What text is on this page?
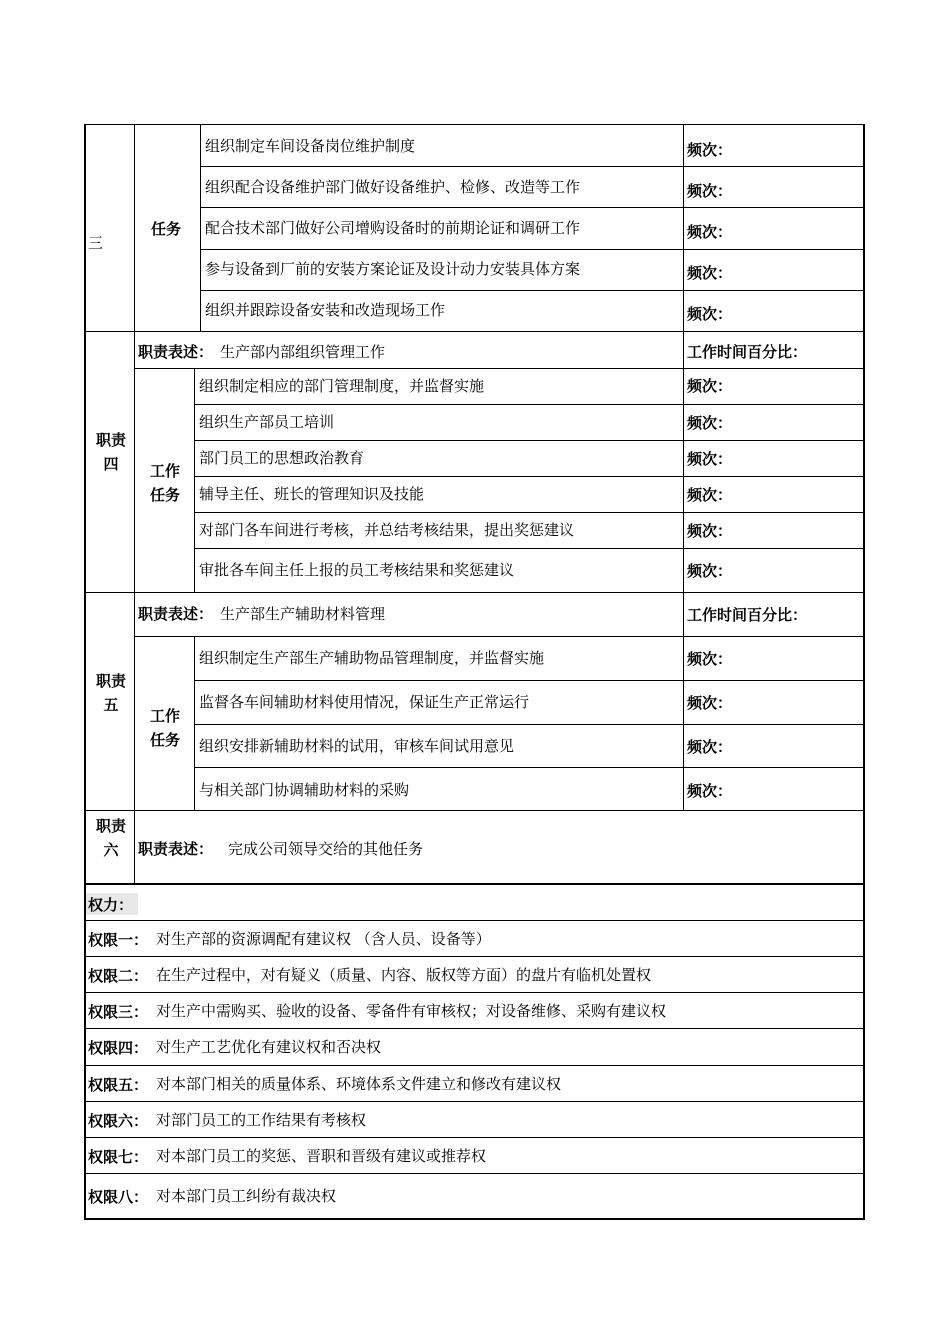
三
任务
组织制定车间设备岗位维护制度	频次：
组织配合设备维护部门做好设备维护、检修、改造等工作	频次：
配合技术部门做好公司增购设备时的前期论证和调研工作	频次：
参与设备到厂前的安装方案论证及设计动力安装具体方案	频次：
组织并跟踪设备安装和改造现场工作	频次：
职责四
职责表述： 生产部内部组织管理工作	工作时间百分比：
工作任务
组织制定相应的部门管理制度，并监督实施	频次：
组织生产部员工培训	频次：
部门员工的思想政治教育	频次：
辅导主任、班长的管理知识及技能	频次：
对部门各车间进行考核，并总结考核结果，提出奖惩建议	频次：
审批各车间主任上报的员工考核结果和奖惩建议	频次：
职责五
职责表述： 生产部生产辅助材料管理	工作时间百分比：
工作任务
组织制定生产部生产辅助物品管理制度，并监督实施	频次：
监督各车间辅助材料使用情况，保证生产正常运行	频次：
组织安排新辅助材料的试用，审核车间试用意见	频次：
与相关部门协调辅助材料的采购	频次：
职责六	职责表述： 完成公司领导交给的其他任务
权力：
权限一： 对生产部的资源调配有建议权 （含人员、设备等）
权限二： 在生产过程中，对有疑义（质量、内容、版权等方面）的盘片有临机处置权
权限三： 对生产中需购买、验收的设备、零备件有审核权；对设备维修、采购有建议权
权限四： 对生产工艺优化有建议权和否决权
权限五： 对本部门相关的质量体系、环境体系文件建立和修改有建议权
权限六： 对部门员工的工作结果有考核权
权限七： 对本部门员工的奖惩、晋职和晋级有建议或推荐权
权限八： 对本部门员工纠纷有裁决权
